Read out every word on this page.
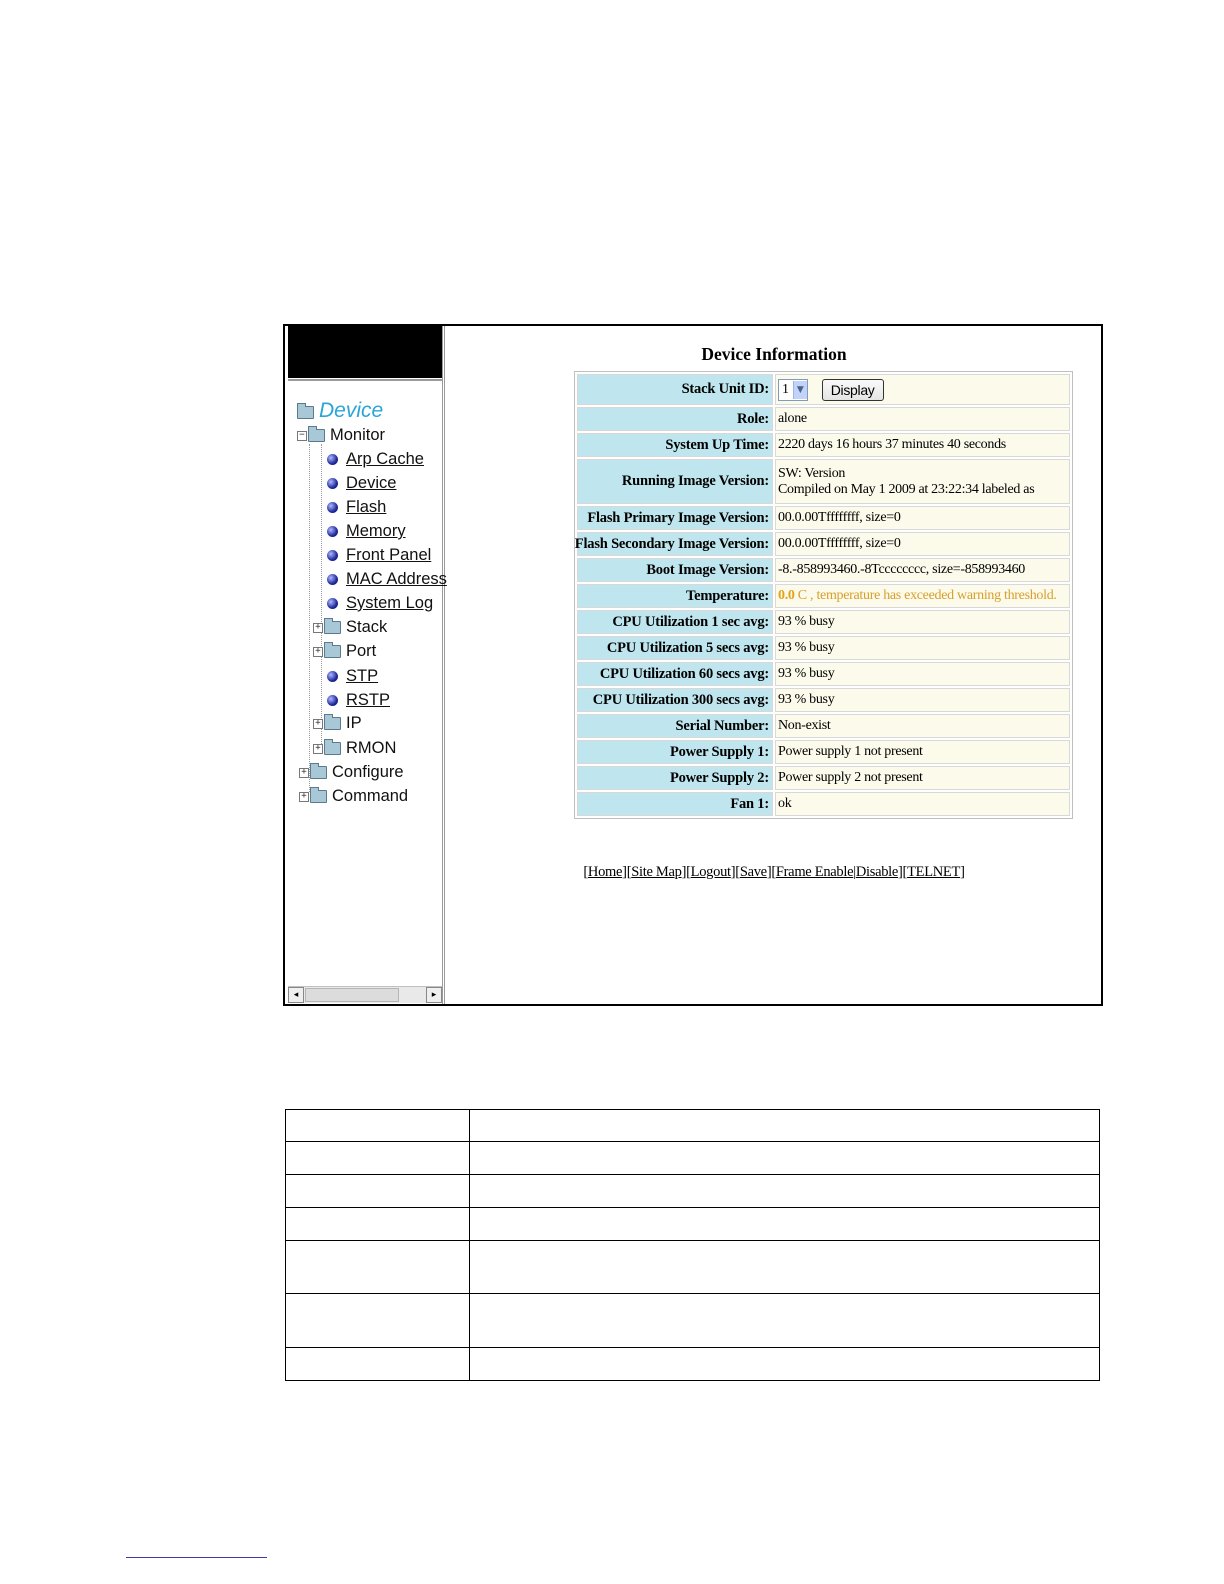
Device
− Monitor
Arp Cache
Device
Flash
Memory
Front Panel
MAC Address
System Log
+ Stack
+ Port
STP
RSTP
+ IP
+ RMON
+ Configure
+ Command
◂	▸
Device Information
Stack Unit ID: 1 ▼	Display
Role: alone
System Up Time: 2220 days 16 hours 37 minutes 40 seconds
Running Image Version: SW: Version
Compiled on May 1 2009 at 23:22:34 labeled as
Flash Primary Image Version: 00.0.00Tffffffff, size=0
Flash Secondary Image Version: 00.0.00Tffffffff, size=0
Boot Image Version: -8.-858993460.-8Tcccccccc, size=-858993460
Temperature: 0.0 C , temperature has exceeded warning threshold.
CPU Utilization 1 sec avg: 93 % busy
CPU Utilization 5 secs avg: 93 % busy
CPU Utilization 60 secs avg: 93 % busy
CPU Utilization 300 secs avg: 93 % busy
Serial Number: Non-exist
Power Supply 1: Power supply 1 not present
Power Supply 2: Power supply 2 not present
Fan 1: ok
[Home][Site Map][Logout][Save][Frame Enable|Disable][TELNET]
